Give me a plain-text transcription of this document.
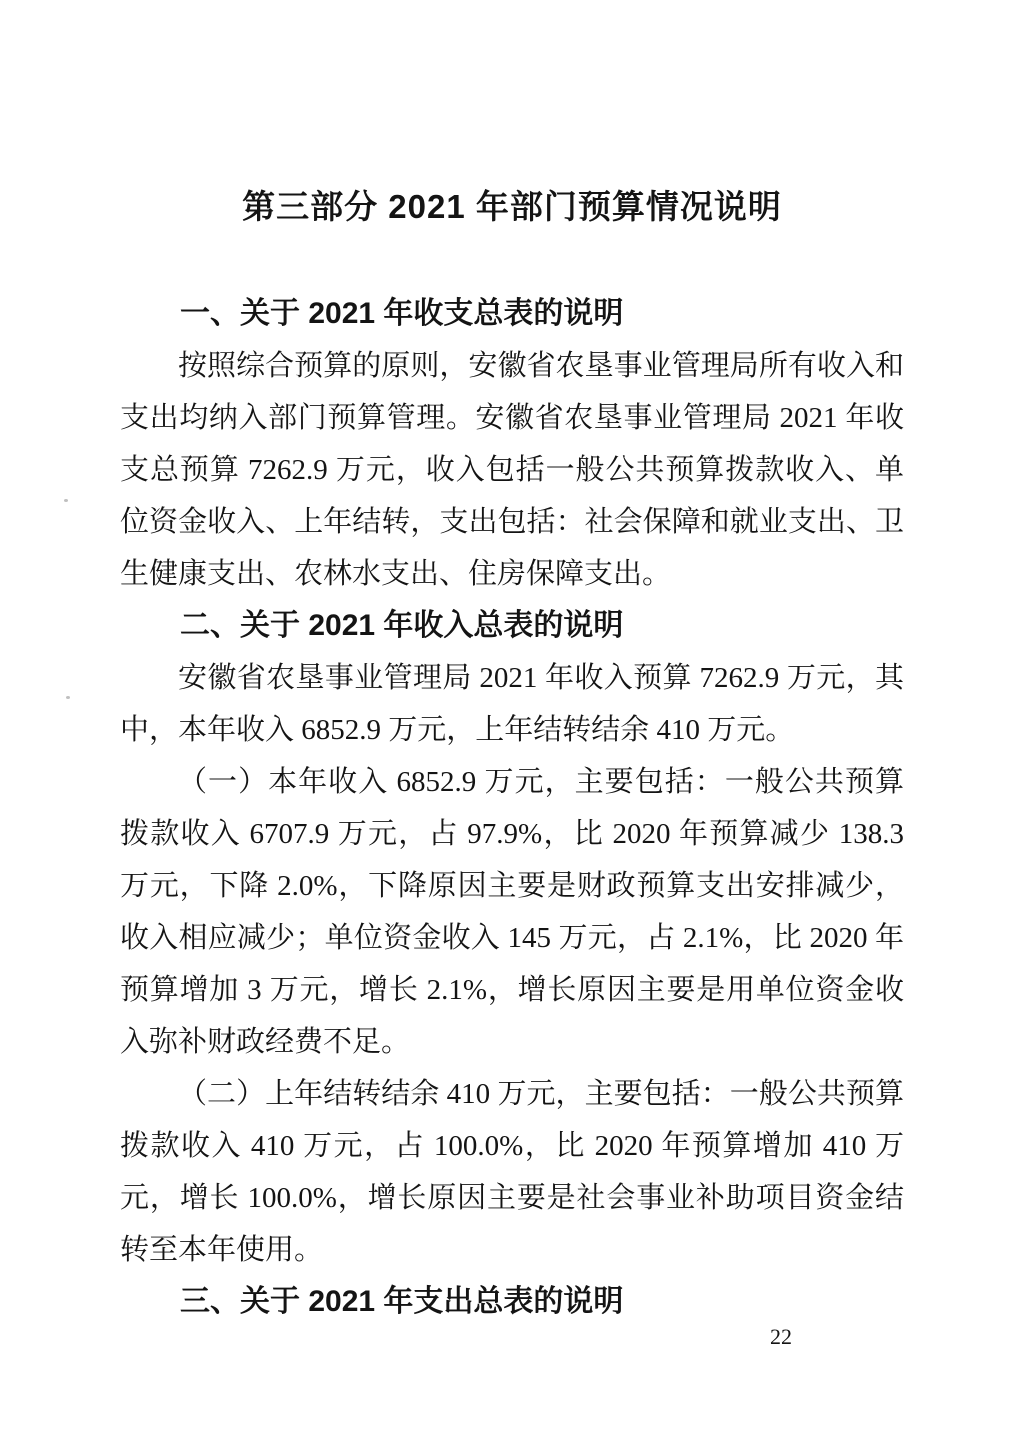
第三部分 2021 年部门预算情况说明
一、关于 2021 年收支总表的说明
按照综合预算的原则，安徽省农垦事业管理局所有收入和支出均纳入部门预算管理。安徽省农垦事业管理局 2021 年收支总预算 7262.9 万元，收入包括一般公共预算拨款收入、单位资金收入、上年结转，支出包括：社会保障和就业支出、卫生健康支出、农林水支出、住房保障支出。
二、关于 2021 年收入总表的说明
安徽省农垦事业管理局 2021 年收入预算 7262.9 万元，其中，本年收入 6852.9 万元，上年结转结余 410 万元。
（一）本年收入 6852.9 万元，主要包括：一般公共预算拨款收入 6707.9 万元，占 97.9%，比 2020 年预算减少 138.3 万元，下降 2.0%，下降原因主要是财政预算支出安排减少，收入相应减少；单位资金收入 145 万元，占 2.1%，比 2020 年预算增加 3 万元，增长 2.1%，增长原因主要是用单位资金收入弥补财政经费不足。
（二）上年结转结余 410 万元，主要包括：一般公共预算拨款收入 410 万元，占 100.0%，比 2020 年预算增加 410 万元，增长 100.0%，增长原因主要是社会事业补助项目资金结转至本年使用。
三、关于 2021 年支出总表的说明
22
